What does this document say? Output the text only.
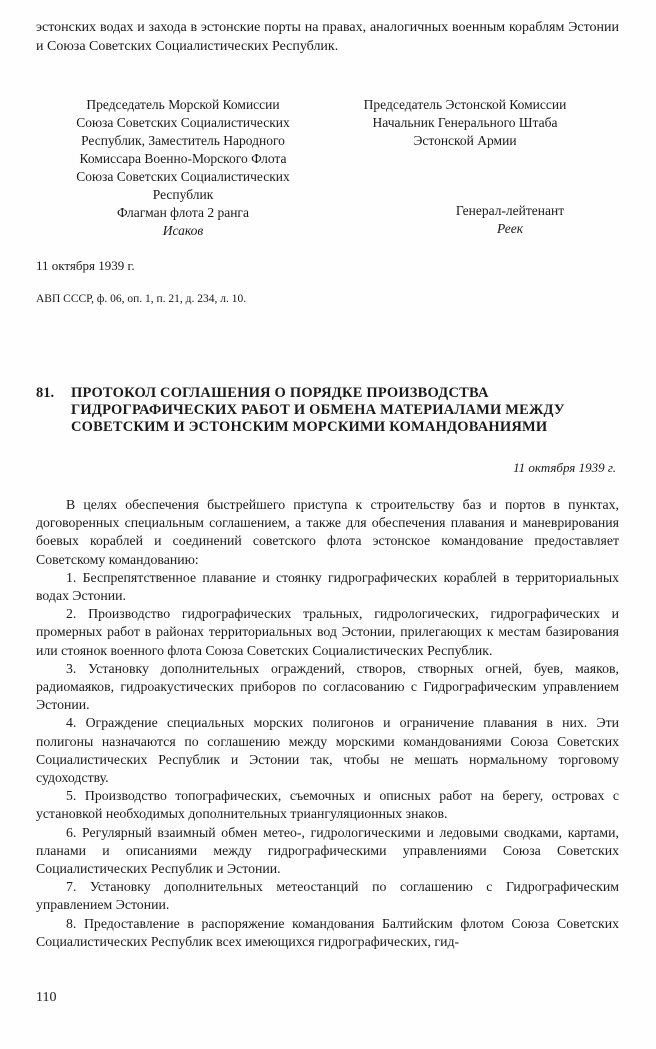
эстонских водах и захода в эстонские порты на правах, аналогичных военным кораблям Эстонии и Союза Советских Социалистических Республик.

Председатель Морской Комиссии
Союза Советских Социалистических
Республик, Заместитель Народного
Комиссара Военно-Морского Флота
Союза Советских Социалистических
Республик
Флагман флота 2 ранга
Исаков
Председатель Эстонской Комиссии
Начальник Генерального Штаба
Эстонской Армии
Генерал-лейтенант
Реек
11 октября 1939 г.
АВП СССР, ф. 06, оп. 1, п. 21, д. 234, л. 10.
81. ПРОТОКОЛ СОГЛАШЕНИЯ О ПОРЯДКЕ ПРОИЗВОДСТВА ГИДРОГРАФИЧЕСКИХ РАБОТ И ОБМЕНА МАТЕРИАЛАМИ МЕЖДУ СОВЕТСКИМ И ЭСТОНСКИМ МОРСКИМИ КОМАНДОВАНИЯМИ
11 октября 1939 г.

В целях обеспечения быстрейшего приступа к строительству баз и портов в пунктах, договоренных специальным соглашением, а также для обеспечения плавания и маневрирования боевых кораблей и соединений советского флота эстонское командование предоставляет Советскому командованию:

1. Беспрепятственное плавание и стоянку гидрографических кораблей в территориальных водах Эстонии.

2. Производство гидрографических тральных, гидрологических, гидрографических и промерных работ в районах территориальных вод Эстонии, прилегающих к местам базирования или стоянок военного флота Союза Советских Социалистических Республик.

3. Установку дополнительных ограждений, створов, створных огней, буев, маяков, радиомаяков, гидроакустических приборов по согласованию с Гидрографическим управлением Эстонии.

4. Ограждение специальных морских полигонов и ограничение плавания в них. Эти полигоны назначаются по соглашению между морскими командованиями Союза Советских Социалистических Республик и Эстонии так, чтобы не мешать нормальному торговому судоходству.

5. Производство топографических, съемочных и описных работ на берегу, островах с установкой необходимых дополнительных триангуляционных знаков.

6. Регулярный взаимный обмен метео-, гидрологическими и ледовыми сводками, картами, планами и описаниями между гидрографическими управлениями Союза Советских Социалистических Республик и Эстонии.

7. Установку дополнительных метеостанций по соглашению с Гидрографическим управлением Эстонии.

8. Предоставление в распоряжение командования Балтийским флотом Союза Советских Социалистических Республик всех имеющихся гидрографических, гид-

110
